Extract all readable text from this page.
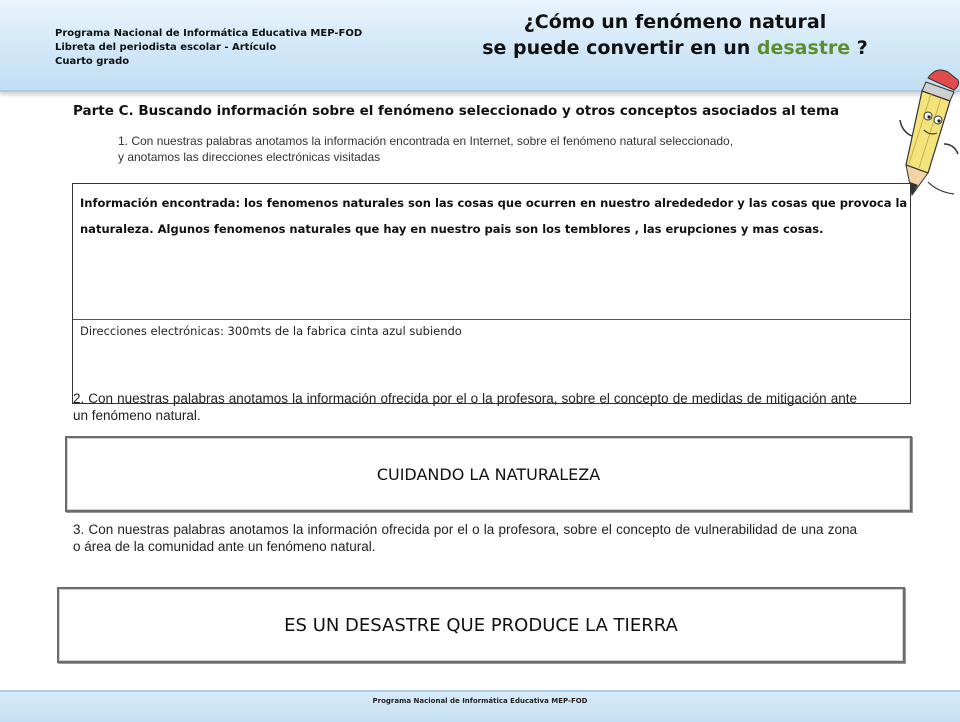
Programa Nacional de Informática Educativa MEP-FOD
Libreta del periodista escolar - Artículo
Cuarto grado
¿Cómo un fenómeno natural
se puede convertir en un desastre ?
Parte C. Buscando información sobre el fenómeno seleccionado y otros conceptos asociados al tema
1. Con nuestras palabras anotamos la información encontrada en Internet, sobre el fenómeno natural seleccionado,
y anotamos las direcciones electrónicas visitadas
Información encontrada: los fenomenos naturales son las cosas que ocurren en nuestro alredededor y las cosas que provoca la naturaleza. Algunos fenomenos naturales que hay en nuestro pais son los temblores , las erupciones y mas cosas.
Direcciones electrónicas: 300mts de la fabrica cinta azul subiendo
2. Con nuestras palabras anotamos la información ofrecida por el o la profesora, sobre el concepto de medidas de mitigación ante un fenómeno natural.
CUIDANDO LA NATURALEZA
3. Con nuestras palabras anotamos la información ofrecida por el o la profesora, sobre el concepto de vulnerabilidad de una zona o área de la comunidad ante un fenómeno natural.
ES UN DESASTRE QUE PRODUCE LA TIERRA
Programa Nacional de Informática Educativa MEP-FOD
